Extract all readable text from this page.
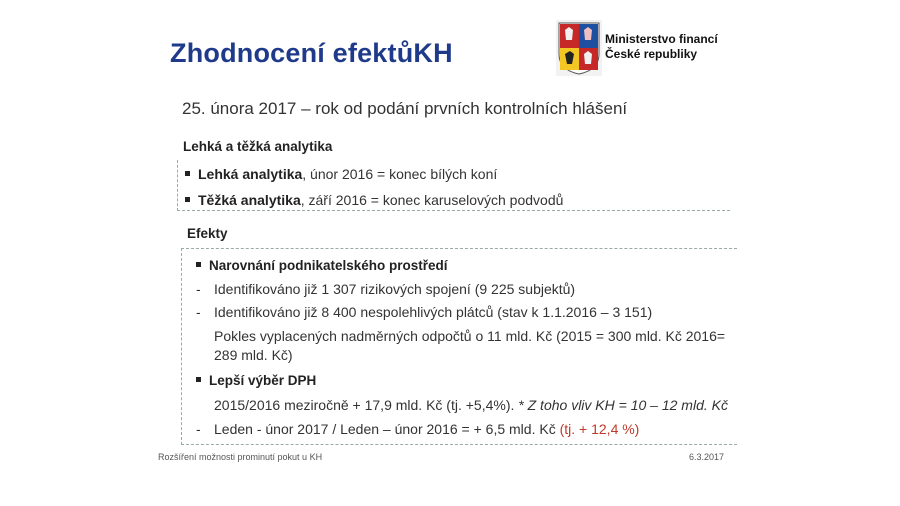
Zhodnocení efektůKH	Ministerstvo financí
České republiky
25. února 2017 – rok od podání prvních kontrolních hlášení
Lehká a těžká analytika
Lehká analytika, únor 2016 = konec bílých koní
Těžká analytika, září 2016 = konec karuselových podvodů
Efekty
Narovnání podnikatelského prostředí
- Identifikováno již 1 307 rizikových spojení (9 225 subjektů)
- Identifikováno již 8 400 nespolehlivých plátců (stav k 1.1.2016 – 3 151)
Pokles vyplacených nadměrných odpočtů o 11 mld. Kč (2015 = 300 mld. Kč 2016=
289 mld. Kč)
Lepší výběr DPH
2015/2016 meziročně + 17,9 mld. Kč (tj. +5,4%). * Z toho vliv KH = 10 – 12 mld. Kč
- Leden - únor 2017 / Leden – únor 2016 = + 6,5 mld. Kč (tj. + 12,4 %)
Rozšíření možnosti prominutí pokut u KH	6.3.2017
